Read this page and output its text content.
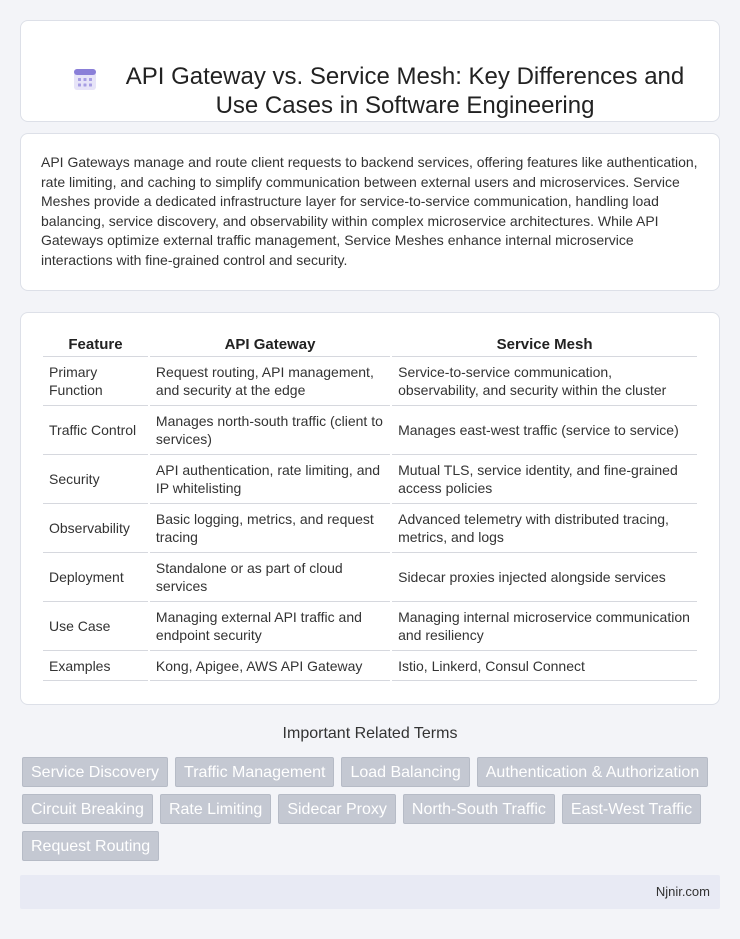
API Gateway vs. Service Mesh: Key Differences and Use Cases in Software Engineering

API Gateways manage and route client requests to backend services, offering features like authentication, rate limiting, and caching to simplify communication between external users and microservices. Service Meshes provide a dedicated infrastructure layer for service-to-service communication, handling load balancing, service discovery, and observability within complex microservice architectures. While API Gateways optimize external traffic management, Service Meshes enhance internal microservice interactions with fine-grained control and security.

Feature	API Gateway	Service Mesh
Primary Function	Request routing, API management, and security at the edge	Service-to-service communication, observability, and security within the cluster
Traffic Control	Manages north-south traffic (client to services)	Manages east-west traffic (service to service)
Security	API authentication, rate limiting, and IP whitelisting	Mutual TLS, service identity, and fine-grained access policies
Observability	Basic logging, metrics, and request tracing	Advanced telemetry with distributed tracing, metrics, and logs
Deployment	Standalone or as part of cloud services	Sidecar proxies injected alongside services
Use Case	Managing external API traffic and endpoint security	Managing internal microservice communication and resiliency
Examples	Kong, Apigee, AWS API Gateway	Istio, Linkerd, Consul Connect
Important Related Terms
Service Discovery	Traffic Management	Load Balancing	Authentication & Authorization
Circuit Breaking	Rate Limiting	Sidecar Proxy	North-South Traffic	East-West Traffic
Request Routing
Njnir.com
